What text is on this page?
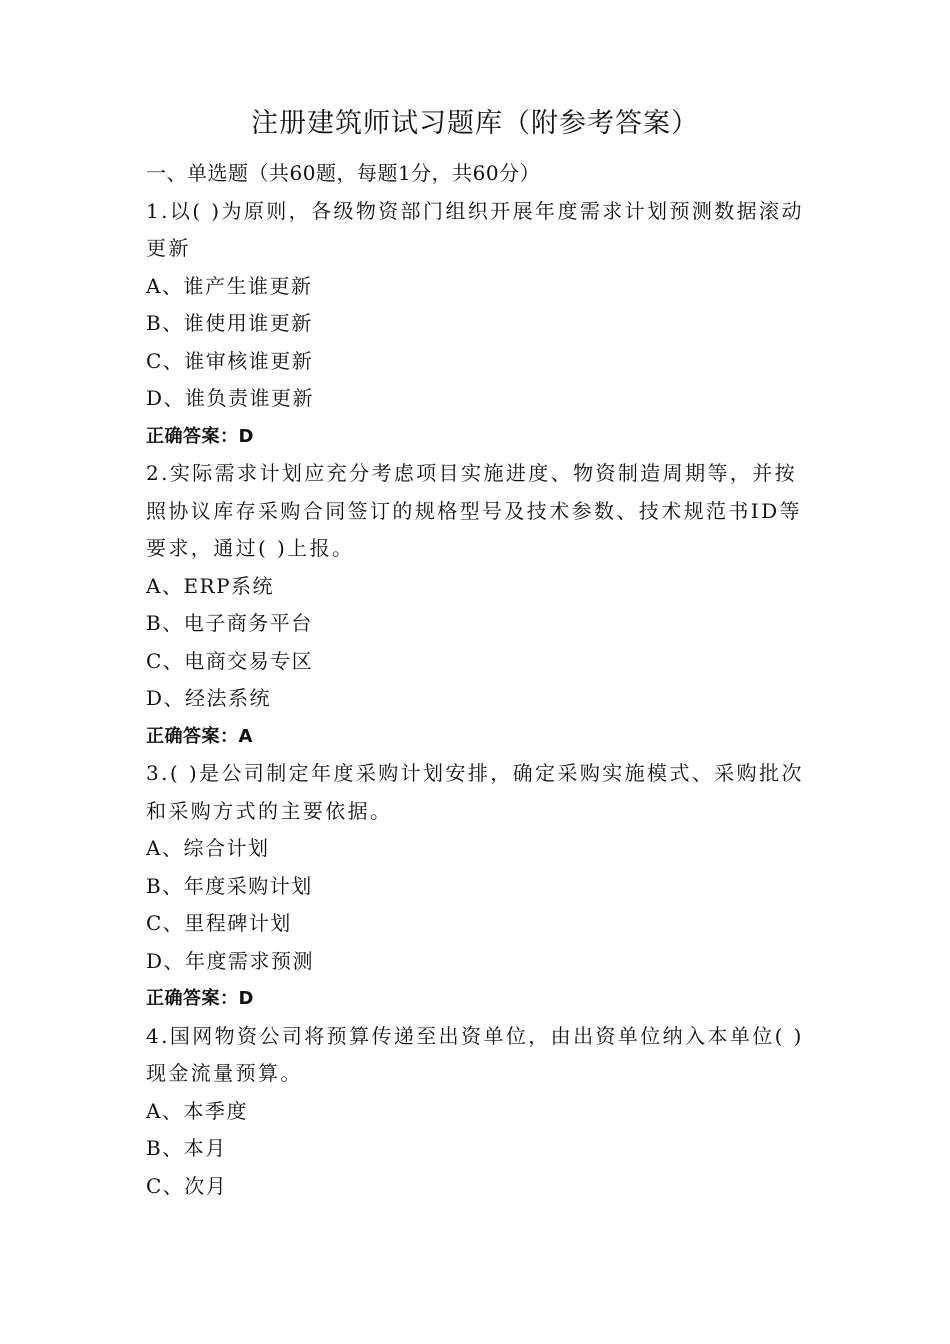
注册建筑师试习题库（附参考答案）
一、单选题（共60题，每题1分，共60分）
1.以( )为原则，各级物资部门组织开展年度需求计划预测数据滚动更新
A、谁产生谁更新
B、谁使用谁更新
C、谁审核谁更新
D、谁负责谁更新
正确答案：D
2.实际需求计划应充分考虑项目实施进度、物资制造周期等，并按照协议库存采购合同签订的规格型号及技术参数、技术规范书ID等要求，通过( )上报。
A、ERP系统
B、电子商务平台
C、电商交易专区
D、经法系统
正确答案：A
3.( )是公司制定年度采购计划安排，确定采购实施模式、采购批次和采购方式的主要依据。
A、综合计划
B、年度采购计划
C、里程碑计划
D、年度需求预测
正确答案：D
4.国网物资公司将预算传递至出资单位，由出资单位纳入本单位( )现金流量预算。
A、本季度
B、本月
C、次月
